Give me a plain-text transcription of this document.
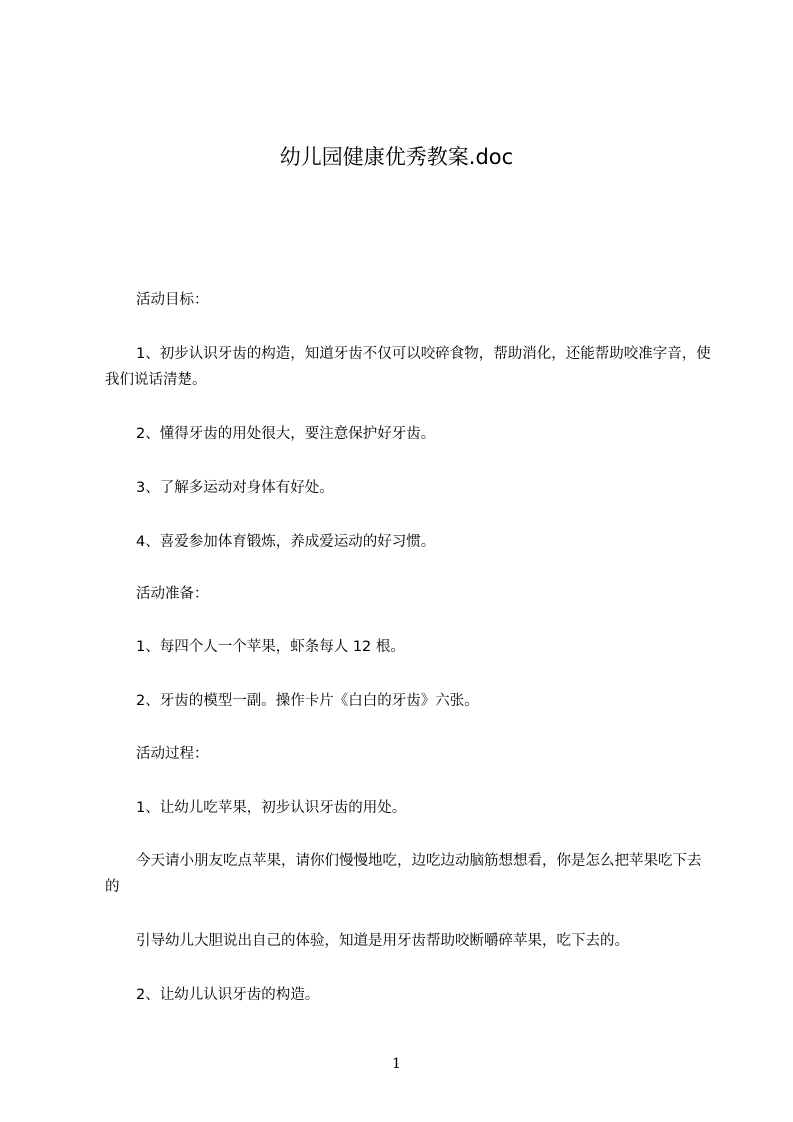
幼儿园健康优秀教案.doc

活动目标：

1、初步认识牙齿的构造，知道牙齿不仅可以咬碎食物，帮助消化，还能帮助咬准字音，使我们说话清楚。

2、懂得牙齿的用处很大，要注意保护好牙齿。

3、了解多运动对身体有好处。

4、喜爱参加体育锻炼，养成爱运动的好习惯。

活动准备：

1、每四个人一个苹果，虾条每人 12 根。

2、牙齿的模型一副。操作卡片《白白的牙齿》六张。

活动过程：

1、让幼儿吃苹果，初步认识牙齿的用处。

今天请小朋友吃点苹果，请你们慢慢地吃，边吃边动脑筋想想看，你是怎么把苹果吃下去的

引导幼儿大胆说出自己的体验，知道是用牙齿帮助咬断嚼碎苹果，吃下去的。

2、让幼儿认识牙齿的构造。

1
